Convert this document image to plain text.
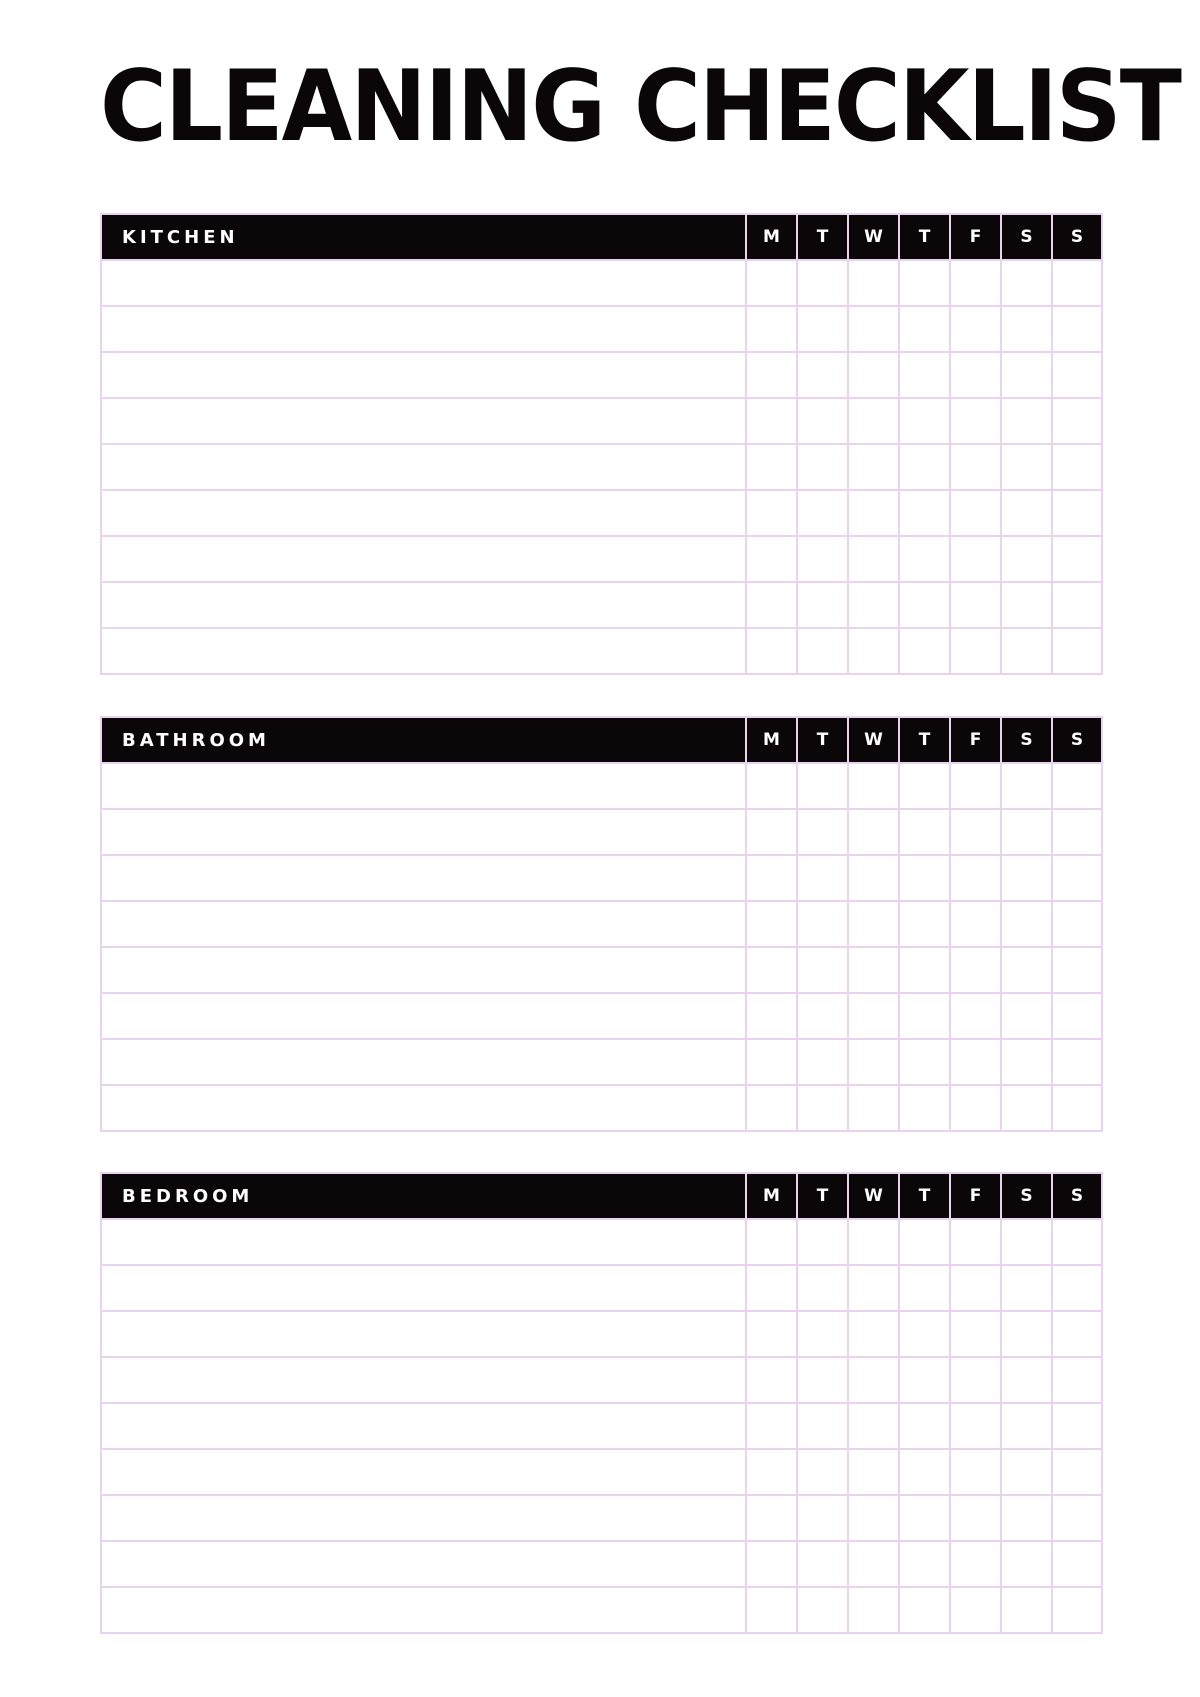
CLEANING CHECKLIST
KITCHEN	M	T	W	T	F	S	S
BATHROOM	M	T	W	T	F	S	S
BEDROOM	M	T	W	T	F	S	S
